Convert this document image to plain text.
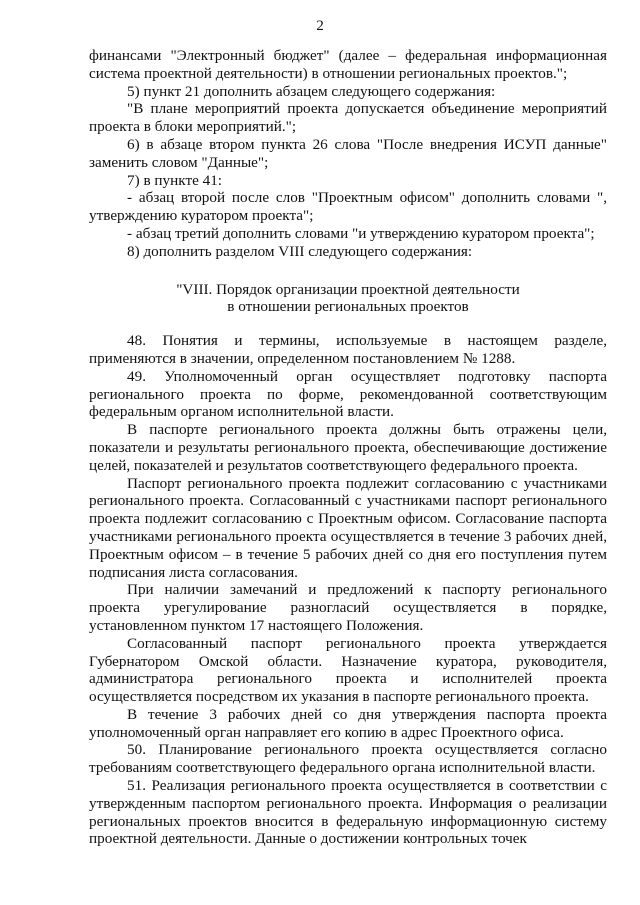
2

финансами "Электронный бюджет" (далее – федеральная информационная система проектной деятельности) в отношении региональных проектов.";

5) пункт 21 дополнить абзацем следующего содержания:

"В плане мероприятий проекта допускается объединение мероприятий проекта в блоки мероприятий.";

6) в абзаце втором пункта 26 слова "После внедрения ИСУП данные" заменить словом "Данные";

7) в пункте 41:

- абзац второй после слов "Проектным офисом" дополнить словами ", утверждению куратором проекта";

- абзац третий дополнить словами "и утверждению куратором проекта";

8) дополнить разделом VIII следующего содержания:

"VIII. Порядок организации проектной деятельности
в отношении региональных проектов

48. Понятия и термины, используемые в настоящем разделе, применяются в значении, определенном постановлением № 1288.

49. Уполномоченный орган осуществляет подготовку паспорта регионального проекта по форме, рекомендованной соответствующим федеральным органом исполнительной власти.

В паспорте регионального проекта должны быть отражены цели, показатели и результаты регионального проекта, обеспечивающие достижение целей, показателей и результатов соответствующего федерального проекта.

Паспорт регионального проекта подлежит согласованию с участниками регионального проекта. Согласованный с участниками паспорт регионального проекта подлежит согласованию с Проектным офисом. Согласование паспорта участниками регионального проекта осуществляется в течение 3 рабочих дней, Проектным офисом – в течение 5 рабочих дней со дня его поступления путем подписания листа согласования.

При наличии замечаний и предложений к паспорту регионального проекта урегулирование разногласий осуществляется в порядке, установленном пунктом 17 настоящего Положения.

Согласованный паспорт регионального проекта утверждается Губернатором Омской области. Назначение куратора, руководителя, администратора регионального проекта и исполнителей проекта осуществляется посредством их указания в паспорте регионального проекта.

В течение 3 рабочих дней со дня утверждения паспорта проекта уполномоченный орган направляет его копию в адрес Проектного офиса.

50. Планирование регионального проекта осуществляется согласно требованиям соответствующего федерального органа исполнительной власти.

51. Реализация регионального проекта осуществляется в соответствии с утвержденным паспортом регионального проекта. Информация о реализации региональных проектов вносится в федеральную информационную систему проектной деятельности. Данные о достижении контрольных точек
